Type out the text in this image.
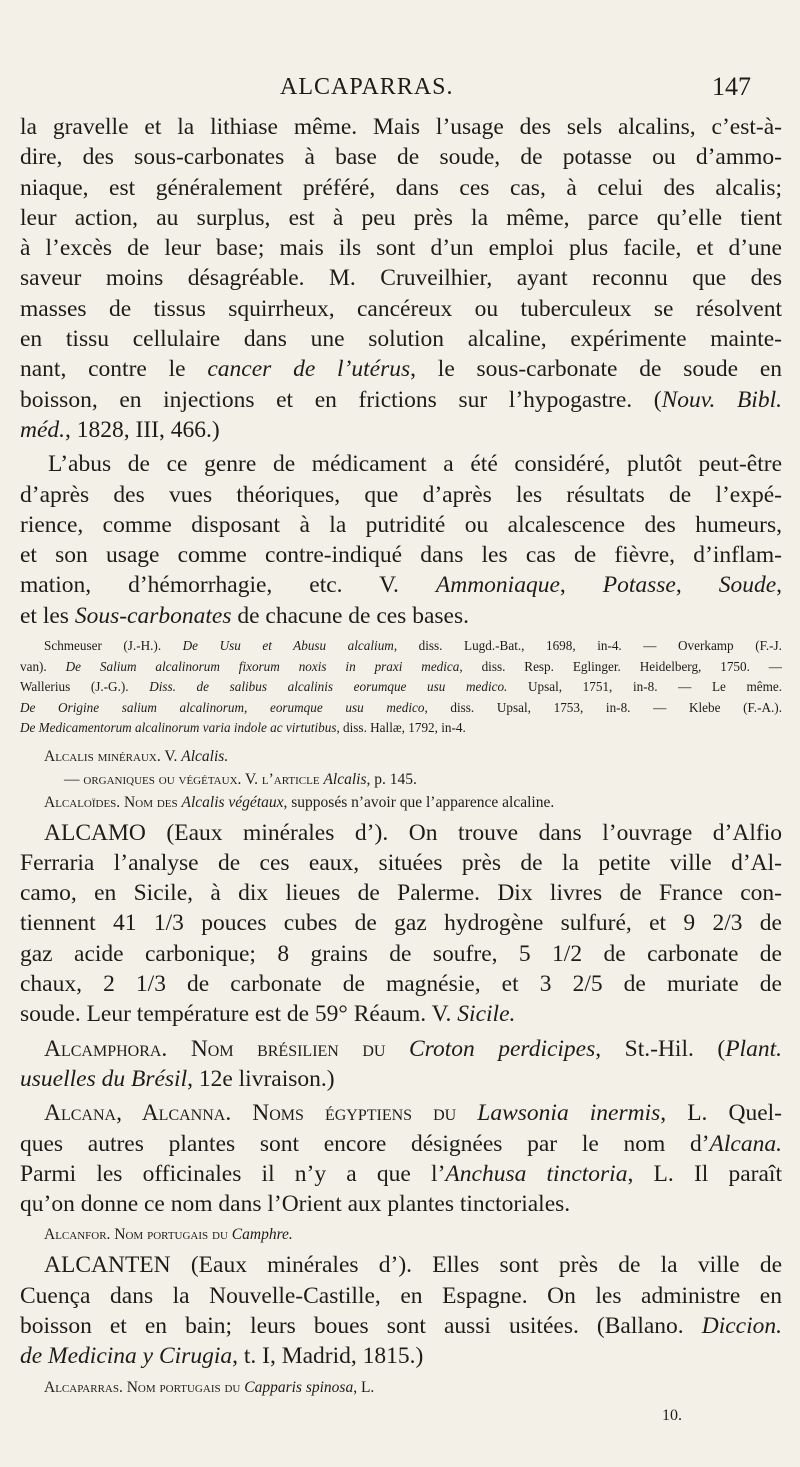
ALCAPARRAS.	147
la gravelle et la lithiase même. Mais l’usage des sels alcalins, c’est-à-
dire, des sous-carbonates à base de soude, de potasse ou d’ammo-
niaque, est généralement préféré, dans ces cas, à celui des alcalis;
leur action, au surplus, est à peu près la même, parce qu’elle tient
à l’excès de leur base; mais ils sont d’un emploi plus facile, et d’une
saveur moins désagréable. M. Cruveilhier, ayant reconnu que des
masses de tissus squirrheux, cancéreux ou tuberculeux se résolvent
en tissu cellulaire dans une solution alcaline, expérimente mainte-
nant, contre le cancer de l’utérus, le sous-carbonate de soude en
boisson, en injections et en frictions sur l’hypogastre. (Nouv. Bibl.
méd., 1828, III, 466.)
L’abus de ce genre de médicament a été considéré, plutôt peut-être
d’après des vues théoriques, que d’après les résultats de l’expé-
rience, comme disposant à la putridité ou alcalescence des humeurs,
et son usage comme contre-indiqué dans les cas de fièvre, d’inflam-
mation, d’hémorrhagie, etc. V. Ammoniaque, Potasse, Soude,
et les Sous-carbonates de chacune de ces bases.
Schmeuser (J.-H.). De Usu et Abusu alcalium, diss. Lugd.-Bat., 1698, in-4. — Overkamp (F.-J.
van). De Salium alcalinorum fixorum noxis in praxi medica, diss. Resp. Eglinger. Heidelberg, 1750. —
Wallerius (J.-G.). Diss. de salibus alcalinis eorumque usu medico. Upsal, 1751, in-8. — Le même.
De Origine salium alcalinorum, eorumque usu medico, diss. Upsal, 1753, in-8. — Klebe (F.-A.).
De Medicamentorum alcalinorum varia indole ac virtutibus, diss. Hallæ, 1792, in-4.
Alcalis minéraux. V. Alcalis.
— organiques ou végétaux. V. l’article Alcalis, p. 145.
Alcaloïdes. Nom des Alcalis végétaux, supposés n’avoir que l’apparence alcaline.
ALCAMO (Eaux minérales d’). On trouve dans l’ouvrage d’Alfio
Ferraria l’analyse de ces eaux, situées près de la petite ville d’Al-
camo, en Sicile, à dix lieues de Palerme. Dix livres de France con-
tiennent 41 1/3 pouces cubes de gaz hydrogène sulfuré, et 9 2/3 de
gaz acide carbonique; 8 grains de soufre, 5 1/2 de carbonate de
chaux, 2 1/3 de carbonate de magnésie, et 3 2/5 de muriate de
soude. Leur température est de 59° Réaum. V. Sicile.
Alcamphora. Nom brésilien du Croton perdicipes, St.-Hil. (Plant.
usuelles du Brésil, 12e livraison.)
Alcana, Alcanna. Noms égyptiens du Lawsonia inermis, L. Quel-
ques autres plantes sont encore désignées par le nom d’Alcana.
Parmi les officinales il n’y a que l’Anchusa tinctoria, L. Il paraît
qu’on donne ce nom dans l’Orient aux plantes tinctoriales.
Alcanfor. Nom portugais du Camphre.
ALCANTEN (Eaux minérales d’). Elles sont près de la ville de
Cuença dans la Nouvelle-Castille, en Espagne. On les administre en
boisson et en bain; leurs boues sont aussi usitées. (Ballano. Diccion.
de Medicina y Cirugia, t. I, Madrid, 1815.)
Alcaparras. Nom portugais du Capparis spinosa, L.
10.
